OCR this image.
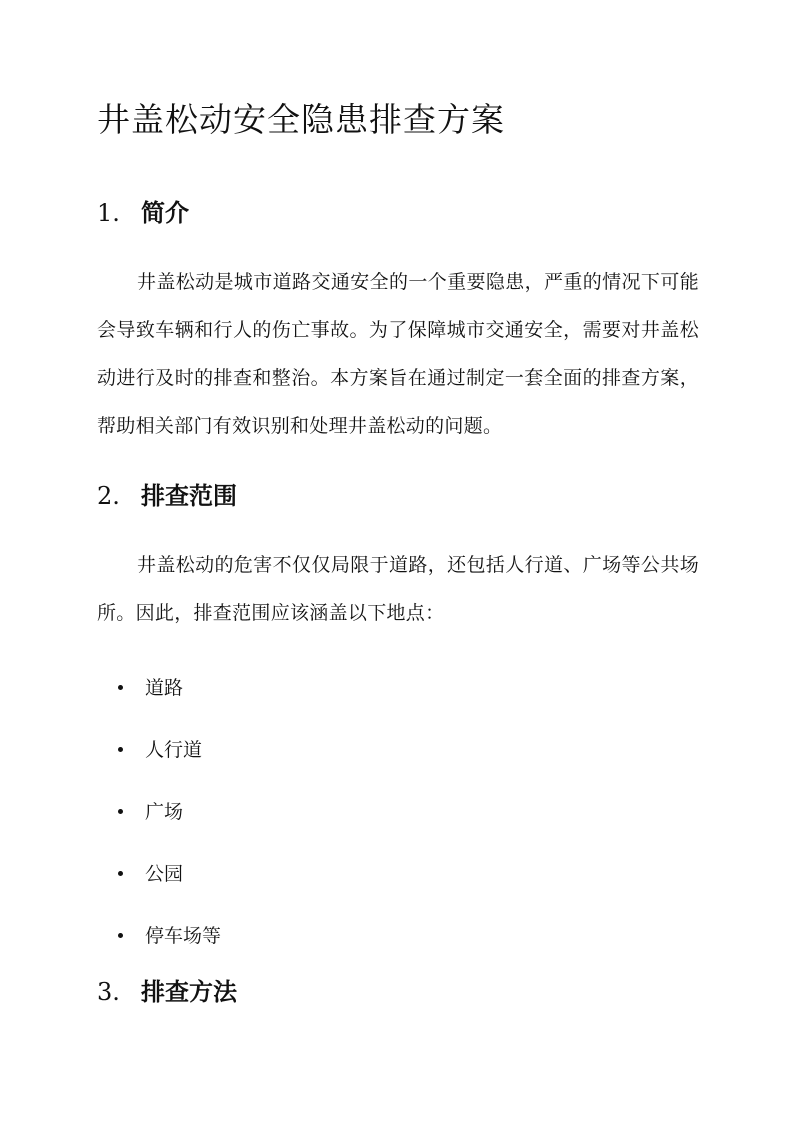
井盖松动安全隐患排查方案
1. 简介

井盖松动是城市道路交通安全的一个重要隐患，严重的情况下可能会导致车辆和行人的伤亡事故。为了保障城市交通安全，需要对井盖松动进行及时的排查和整治。本方案旨在通过制定一套全面的排查方案，帮助相关部门有效识别和处理井盖松动的问题。

2. 排查范围

井盖松动的危害不仅仅局限于道路，还包括人行道、广场等公共场所。因此，排查范围应该涵盖以下地点：

道路
人行道
广场
公园
停车场等
3. 排查方法
